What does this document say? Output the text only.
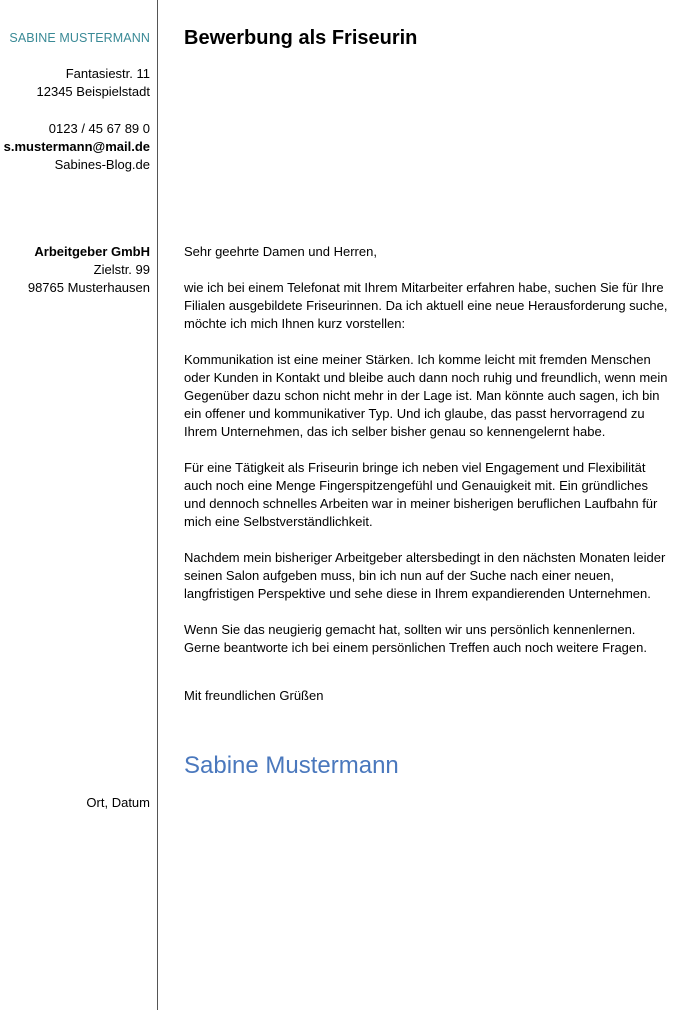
SABINE MUSTERMANN
Fantasiestr. 11
12345 Beispielstadt
0123 / 45 67 89 0
s.mustermann@mail.de
Sabines-Blog.de
Arbeitgeber GmbH
Zielstr. 99
98765 Musterhausen
Ort, Datum
Bewerbung als Friseurin

Sehr geehrte Damen und Herren,

wie ich bei einem Telefonat mit Ihrem Mitarbeiter erfahren habe, suchen Sie für Ihre Filialen ausgebildete Friseurinnen. Da ich aktuell eine neue Herausforderung suche, möchte ich mich Ihnen kurz vorstellen:

Kommunikation ist eine meiner Stärken. Ich komme leicht mit fremden Menschen oder Kunden in Kontakt und bleibe auch dann noch ruhig und freundlich, wenn mein Gegenüber dazu schon nicht mehr in der Lage ist. Man könnte auch sagen, ich bin ein offener und kommunikativer Typ. Und ich glaube, das passt hervorragend zu Ihrem Unternehmen, das ich selber bisher genau so kennengelernt habe.

Für eine Tätigkeit als Friseurin bringe ich neben viel Engagement und Flexibilität auch noch eine Menge Fingerspitzengefühl und Genauigkeit mit. Ein gründliches und dennoch schnelles Arbeiten war in meiner bisherigen beruflichen Laufbahn für mich eine Selbstverständlichkeit.

Nachdem mein bisheriger Arbeitgeber altersbedingt in den nächsten Monaten leider seinen Salon aufgeben muss, bin ich nun auf der Suche nach einer neuen, langfristigen Perspektive und sehe diese in Ihrem expandierenden Unternehmen.

Wenn Sie das neugierig gemacht hat, sollten wir uns persönlich kennenlernen. Gerne beantworte ich bei einem persönlichen Treffen auch noch weitere Fragen.

Mit freundlichen Grüßen

Sabine Mustermann
